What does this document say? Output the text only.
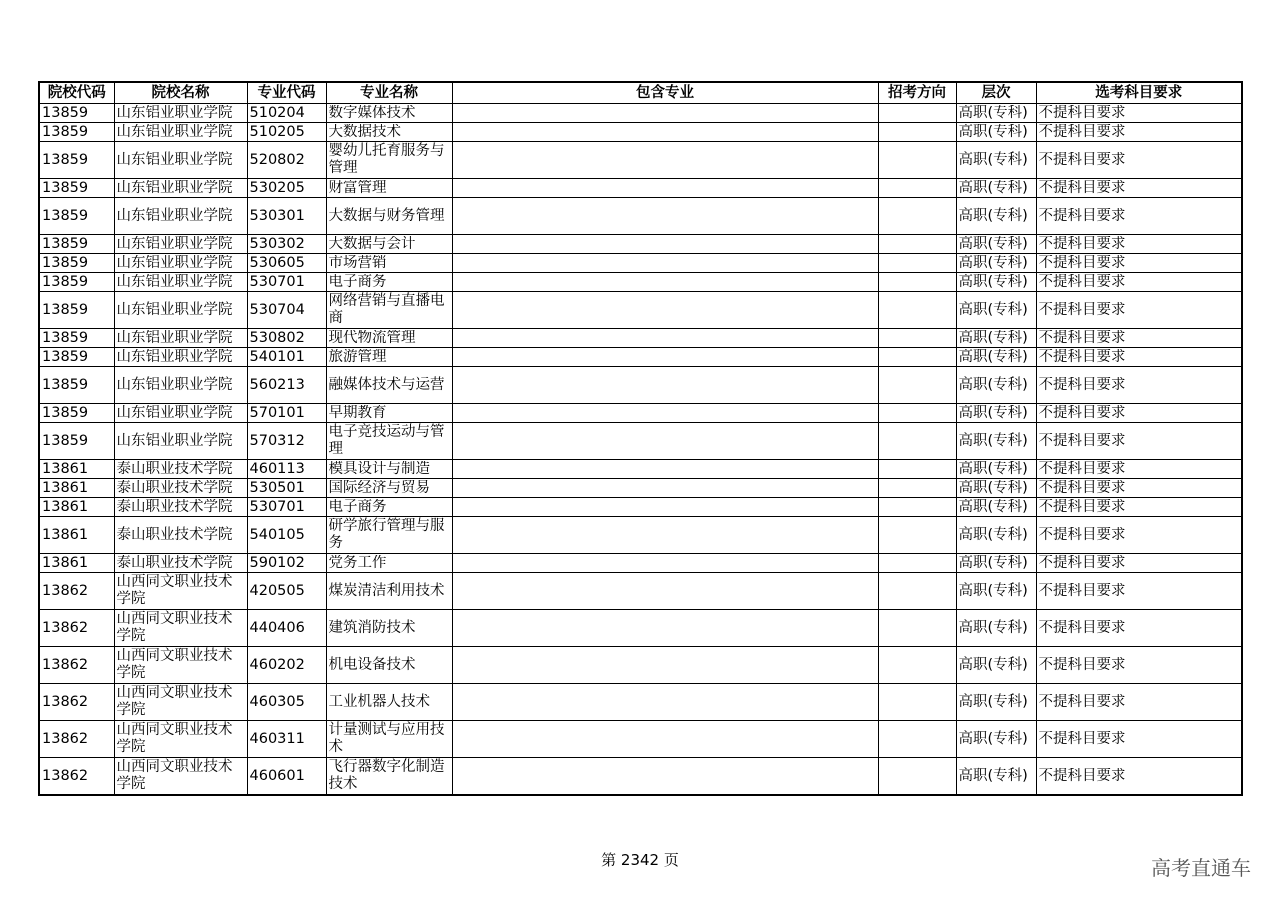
院校代码	院校名称	专业代码	专业名称	包含专业	招考方向	层次	选考科目要求

13859	山东铝业职业学院	510204	数字媒体技术			高职(专科)	不提科目要求

13859	山东铝业职业学院	510205	大数据技术			高职(专科)	不提科目要求

13859	山东铝业职业学院	520802	婴幼儿托育服务与管理			高职(专科)	不提科目要求

13859	山东铝业职业学院	530205	财富管理			高职(专科)	不提科目要求

13859	山东铝业职业学院	530301	大数据与财务管理			高职(专科)	不提科目要求

13859	山东铝业职业学院	530302	大数据与会计			高职(专科)	不提科目要求

13859	山东铝业职业学院	530605	市场营销			高职(专科)	不提科目要求

13859	山东铝业职业学院	530701	电子商务			高职(专科)	不提科目要求

13859	山东铝业职业学院	530704	网络营销与直播电商			高职(专科)	不提科目要求

13859	山东铝业职业学院	530802	现代物流管理			高职(专科)	不提科目要求

13859	山东铝业职业学院	540101	旅游管理			高职(专科)	不提科目要求

13859	山东铝业职业学院	560213	融媒体技术与运营			高职(专科)	不提科目要求

13859	山东铝业职业学院	570101	早期教育			高职(专科)	不提科目要求

13859	山东铝业职业学院	570312	电子竞技运动与管理			高职(专科)	不提科目要求

13861	泰山职业技术学院	460113	模具设计与制造			高职(专科)	不提科目要求

13861	泰山职业技术学院	530501	国际经济与贸易			高职(专科)	不提科目要求

13861	泰山职业技术学院	530701	电子商务			高职(专科)	不提科目要求

13861	泰山职业技术学院	540105	研学旅行管理与服务			高职(专科)	不提科目要求

13861	泰山职业技术学院	590102	党务工作			高职(专科)	不提科目要求

13862	山西同文职业技术学院	420505	煤炭清洁利用技术			高职(专科)	不提科目要求

13862	山西同文职业技术学院	440406	建筑消防技术			高职(专科)	不提科目要求

13862	山西同文职业技术学院	460202	机电设备技术			高职(专科)	不提科目要求

13862	山西同文职业技术学院	460305	工业机器人技术			高职(专科)	不提科目要求

13862	山西同文职业技术学院	460311	计量测试与应用技术			高职(专科)	不提科目要求

13862	山西同文职业技术学院	460601	飞行器数字化制造技术			高职(专科)	不提科目要求
第 2342 页	高考直通车
